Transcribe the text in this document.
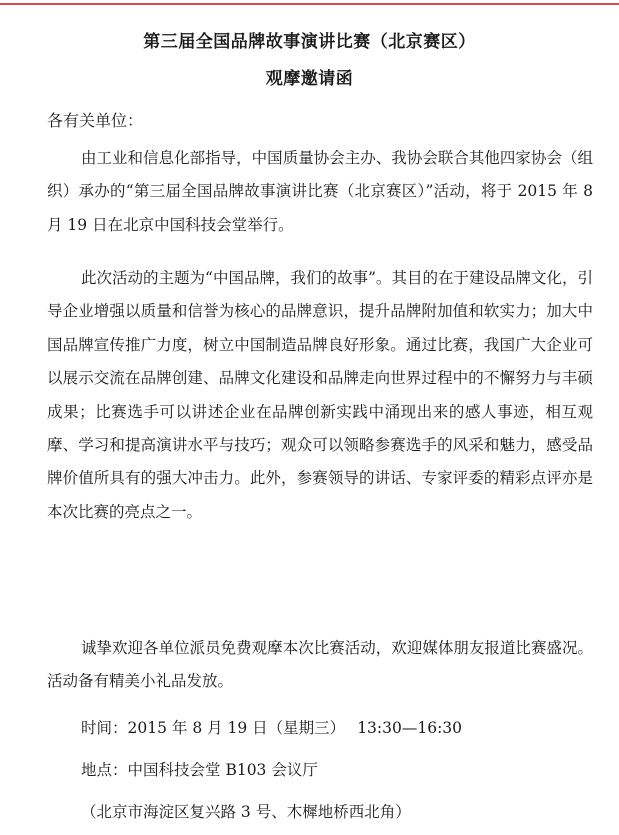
第三届全国品牌故事演讲比赛（北京赛区）
观摩邀请函
各有关单位：

由工业和信息化部指导，中国质量协会主办、我协会联合其他四家协会（组织）承办的“第三届全国品牌故事演讲比赛（北京赛区）”活动，将于 2015 年 8 月 19 日在北京中国科技会堂举行。

此次活动的主题为“中国品牌，我们的故事”。其目的在于建设品牌文化，引导企业增强以质量和信誉为核心的品牌意识，提升品牌附加值和软实力；加大中国品牌宣传推广力度，树立中国制造品牌良好形象。通过比赛，我国广大企业可以展示交流在品牌创建、品牌文化建设和品牌走向世界过程中的不懈努力与丰硕成果；比赛选手可以讲述企业在品牌创新实践中涌现出来的感人事迹，相互观摩、学习和提高演讲水平与技巧；观众可以领略参赛选手的风采和魅力，感受品牌价值所具有的强大冲击力。此外，参赛领导的讲话、专家评委的精彩点评亦是本次比赛的亮点之一。

诚挚欢迎各单位派员免费观摩本次比赛活动，欢迎媒体朋友报道比赛盛况。活动备有精美小礼品发放。

时间：2015 年 8 月 19 日（星期三） 13:30—16:30
地点：中国科技会堂 B103 会议厅
（北京市海淀区复兴路 3 号、木樨地桥西北角）
